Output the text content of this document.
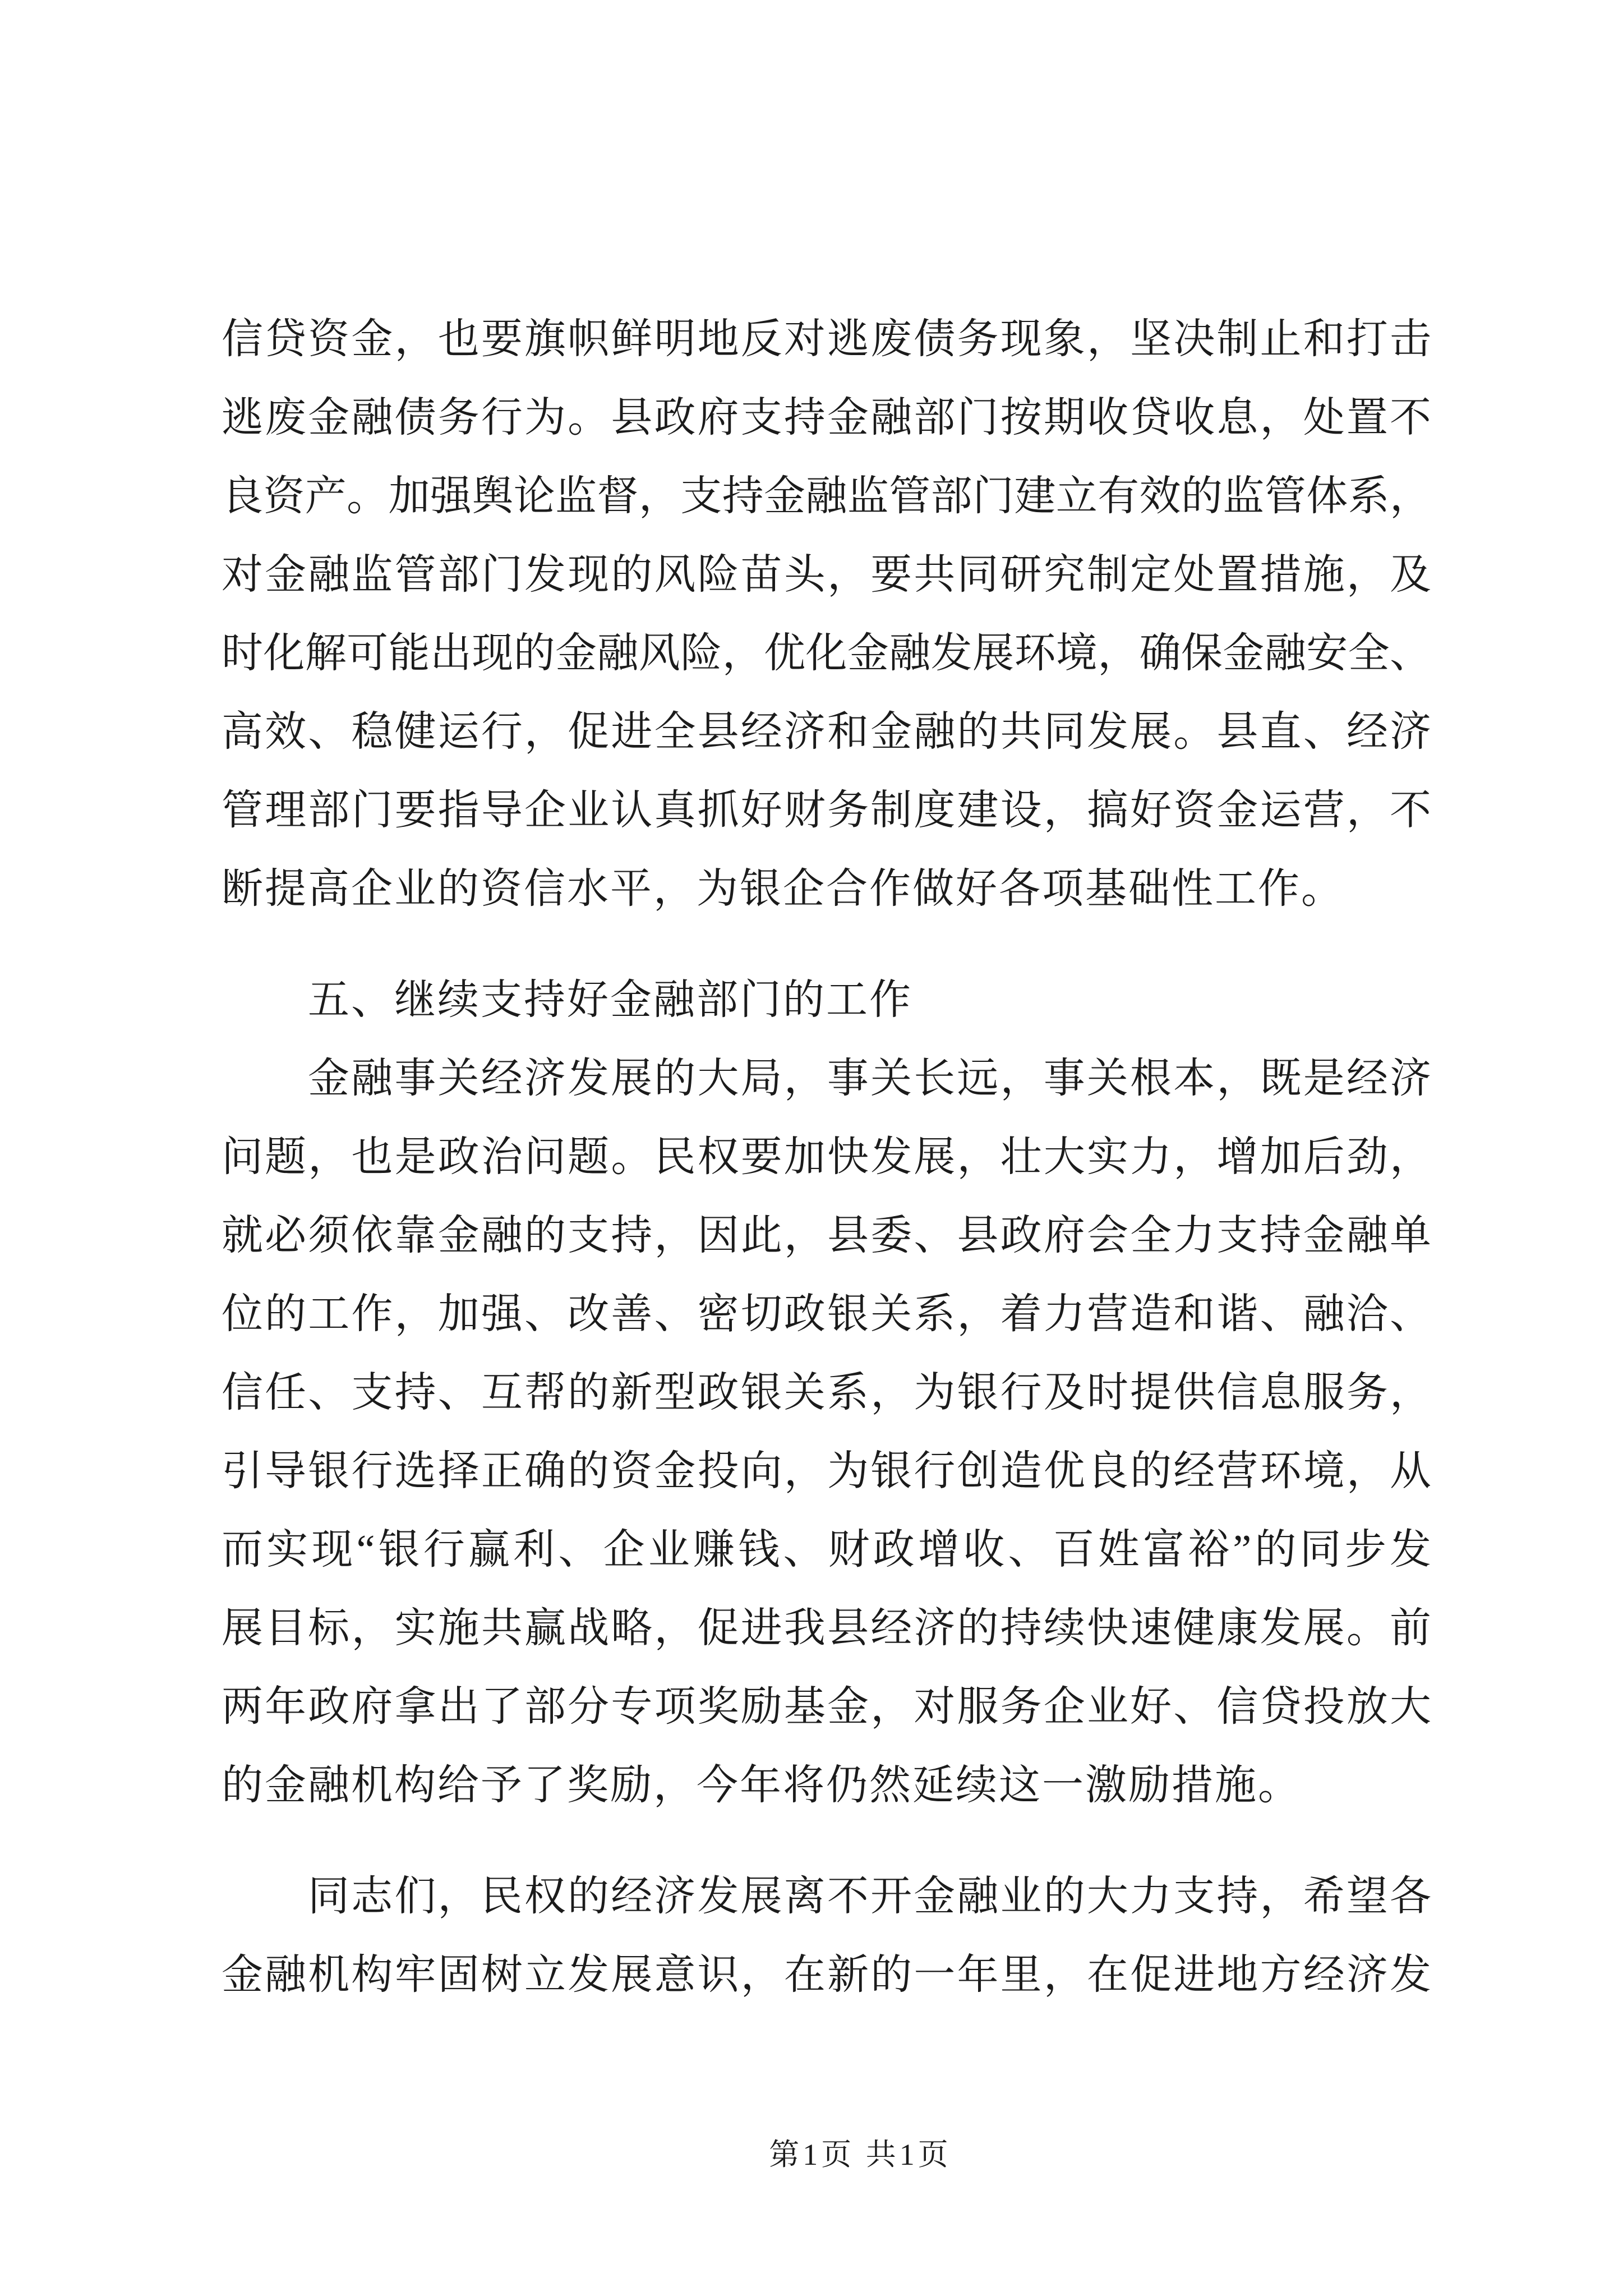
信贷资金，也要旗帜鲜明地反对逃废债务现象，坚决制止和打击
逃废金融债务行为。县政府支持金融部门按期收贷收息，处置不
良资产。加强舆论监督，支持金融监管部门建立有效的监管体系，
对金融监管部门发现的风险苗头，要共同研究制定处置措施，及
时化解可能出现的金融风险，优化金融发展环境，确保金融安全、
高效、稳健运行，促进全县经济和金融的共同发展。县直、经济
管理部门要指导企业认真抓好财务制度建设，搞好资金运营，不
断提高企业的资信水平，为银企合作做好各项基础性工作。
五、继续支持好金融部门的工作
金融事关经济发展的大局，事关长远，事关根本，既是经济
问题，也是政治问题。民权要加快发展，壮大实力，增加后劲，
就必须依靠金融的支持，因此，县委、县政府会全力支持金融单
位的工作，加强、改善、密切政银关系，着力营造和谐、融洽、
信任、支持、互帮的新型政银关系，为银行及时提供信息服务，
引导银行选择正确的资金投向，为银行创造优良的经营环境，从
而实现“银行赢利、企业赚钱、财政增收、百姓富裕”的同步发
展目标，实施共赢战略，促进我县经济的持续快速健康发展。前
两年政府拿出了部分专项奖励基金，对服务企业好、信贷投放大
的金融机构给予了奖励，今年将仍然延续这一激励措施。
同志们，民权的经济发展离不开金融业的大力支持，希望各
金融机构牢固树立发展意识，在新的一年里，在促进地方经济发
第1页 共1页
